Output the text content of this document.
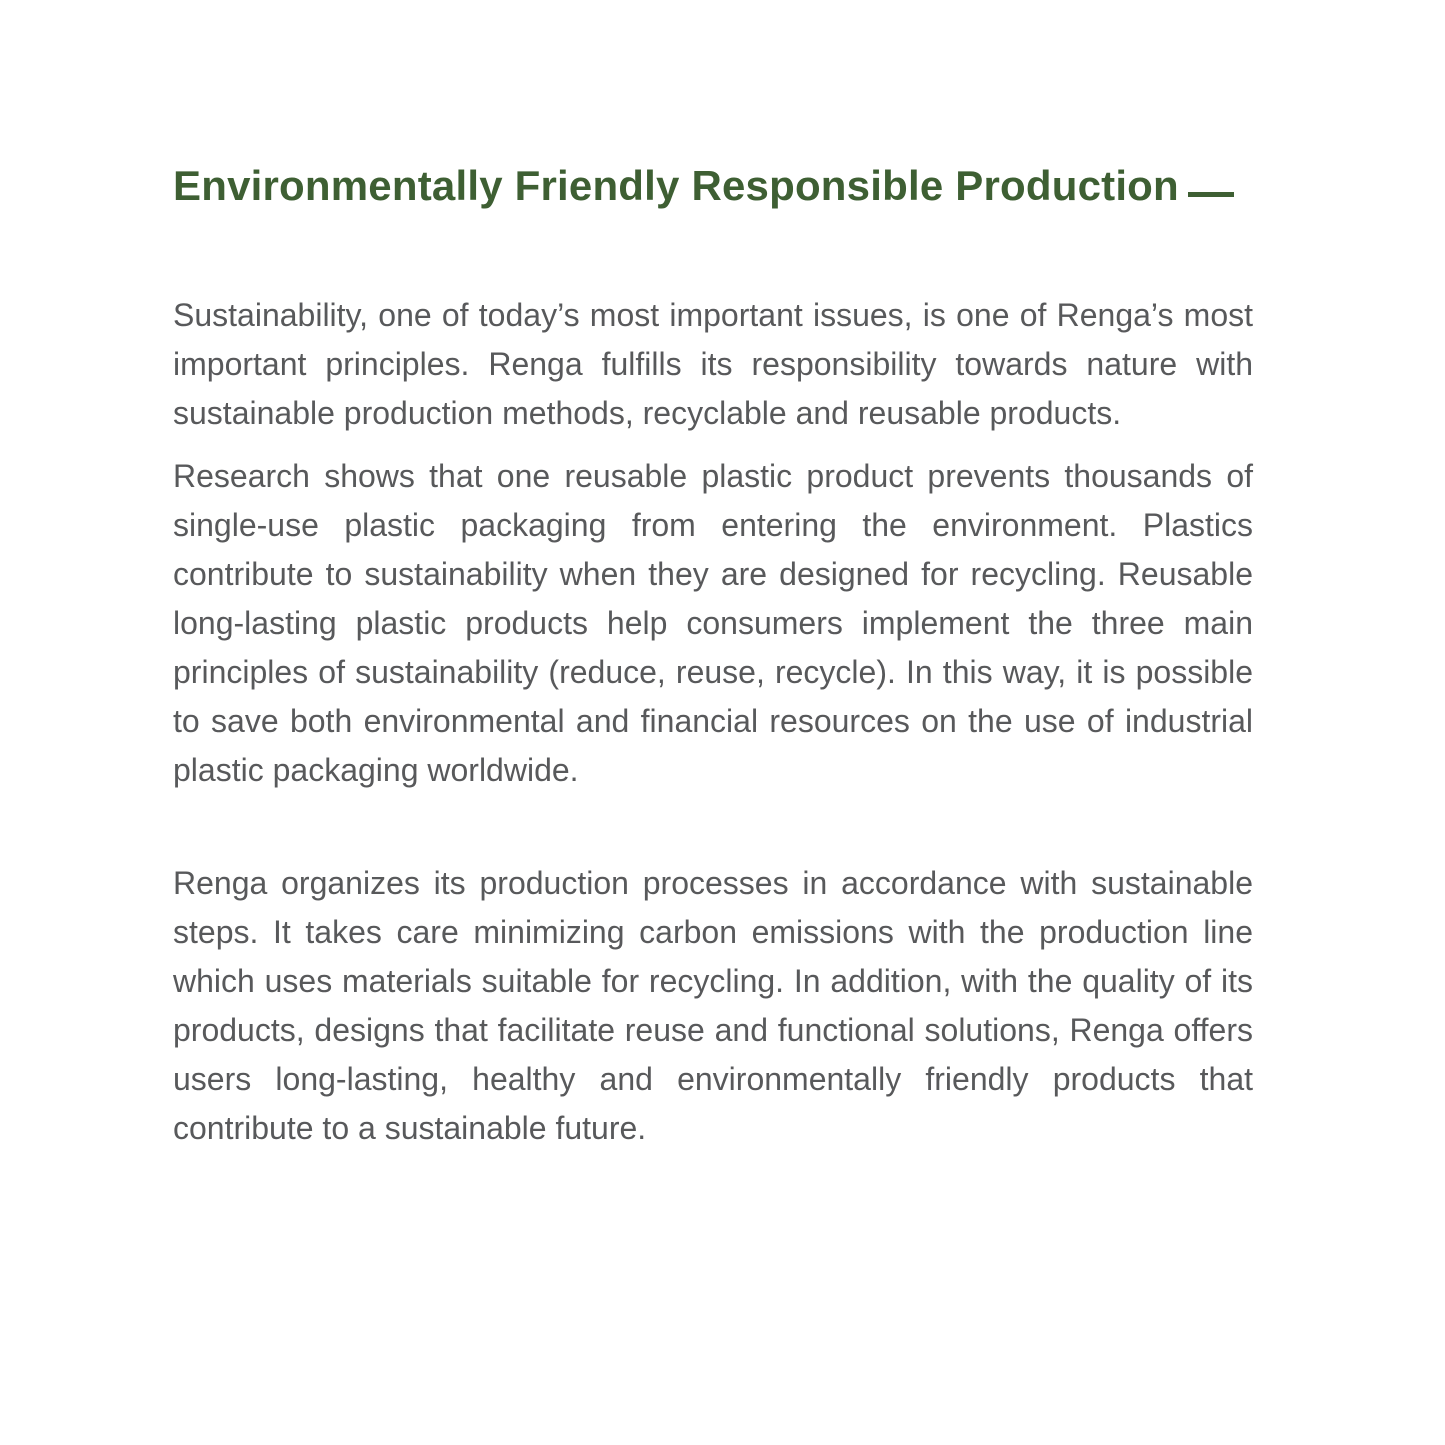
Environmentally Friendly Responsible Production

Sustainability, one of today’s most important issues, is one of Renga’s most important principles. Renga fulfills its responsibility towards nature with sustainable production methods, recyclable and reusable products.

Research shows that one reusable plastic product prevents thousands of single-use plastic packaging from entering the environment. Plastics contribute to sustainability when they are designed for recycling. Reusable long-lasting plastic products help consumers implement the three main principles of sustainability (reduce, reuse, recycle). In this way, it is possible to save both environmental and financial resources on the use of industrial plastic packaging worldwide.

Renga organizes its production processes in accordance with sustainable steps. It takes care minimizing carbon emissions with the production line which uses materials suitable for recycling. In addition, with the quality of its products, designs that facilitate reuse and functional solutions, Renga offers users long-lasting, healthy and environmentally friendly products that contribute to a sustainable future.
